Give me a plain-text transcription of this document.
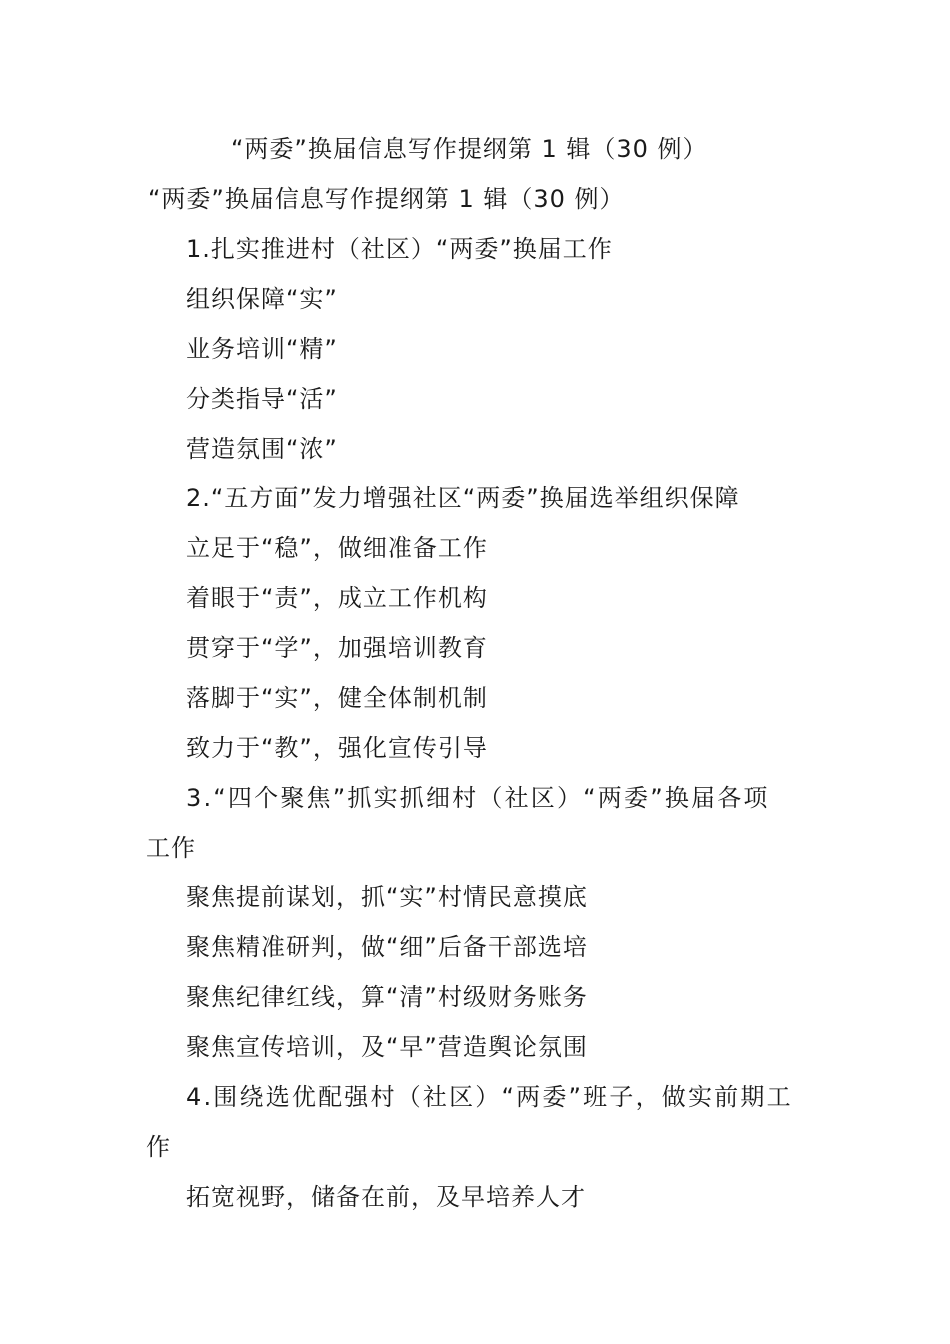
“两委”换届信息写作提纲第 1 辑（30 例）
“两委”换届信息写作提纲第 1 辑（30 例）
1.扎实推进村（社区）“两委”换届工作
组织保障“实”
业务培训“精”
分类指导“活”
营造氛围“浓”
2.“五方面”发力增强社区“两委”换届选举组织保障
立足于“稳”，做细准备工作
着眼于“责”，成立工作机构
贯穿于“学”，加强培训教育
落脚于“实”，健全体制机制
致力于“教”，强化宣传引导
3.“四个聚焦”抓实抓细村（社区）“两委”换届各项
工作
聚焦提前谋划，抓“实”村情民意摸底
聚焦精准研判，做“细”后备干部选培
聚焦纪律红线，算“清”村级财务账务
聚焦宣传培训，及“早”营造舆论氛围
4.围绕选优配强村（社区）“两委”班子，做实前期工
作
拓宽视野，储备在前，及早培养人才
